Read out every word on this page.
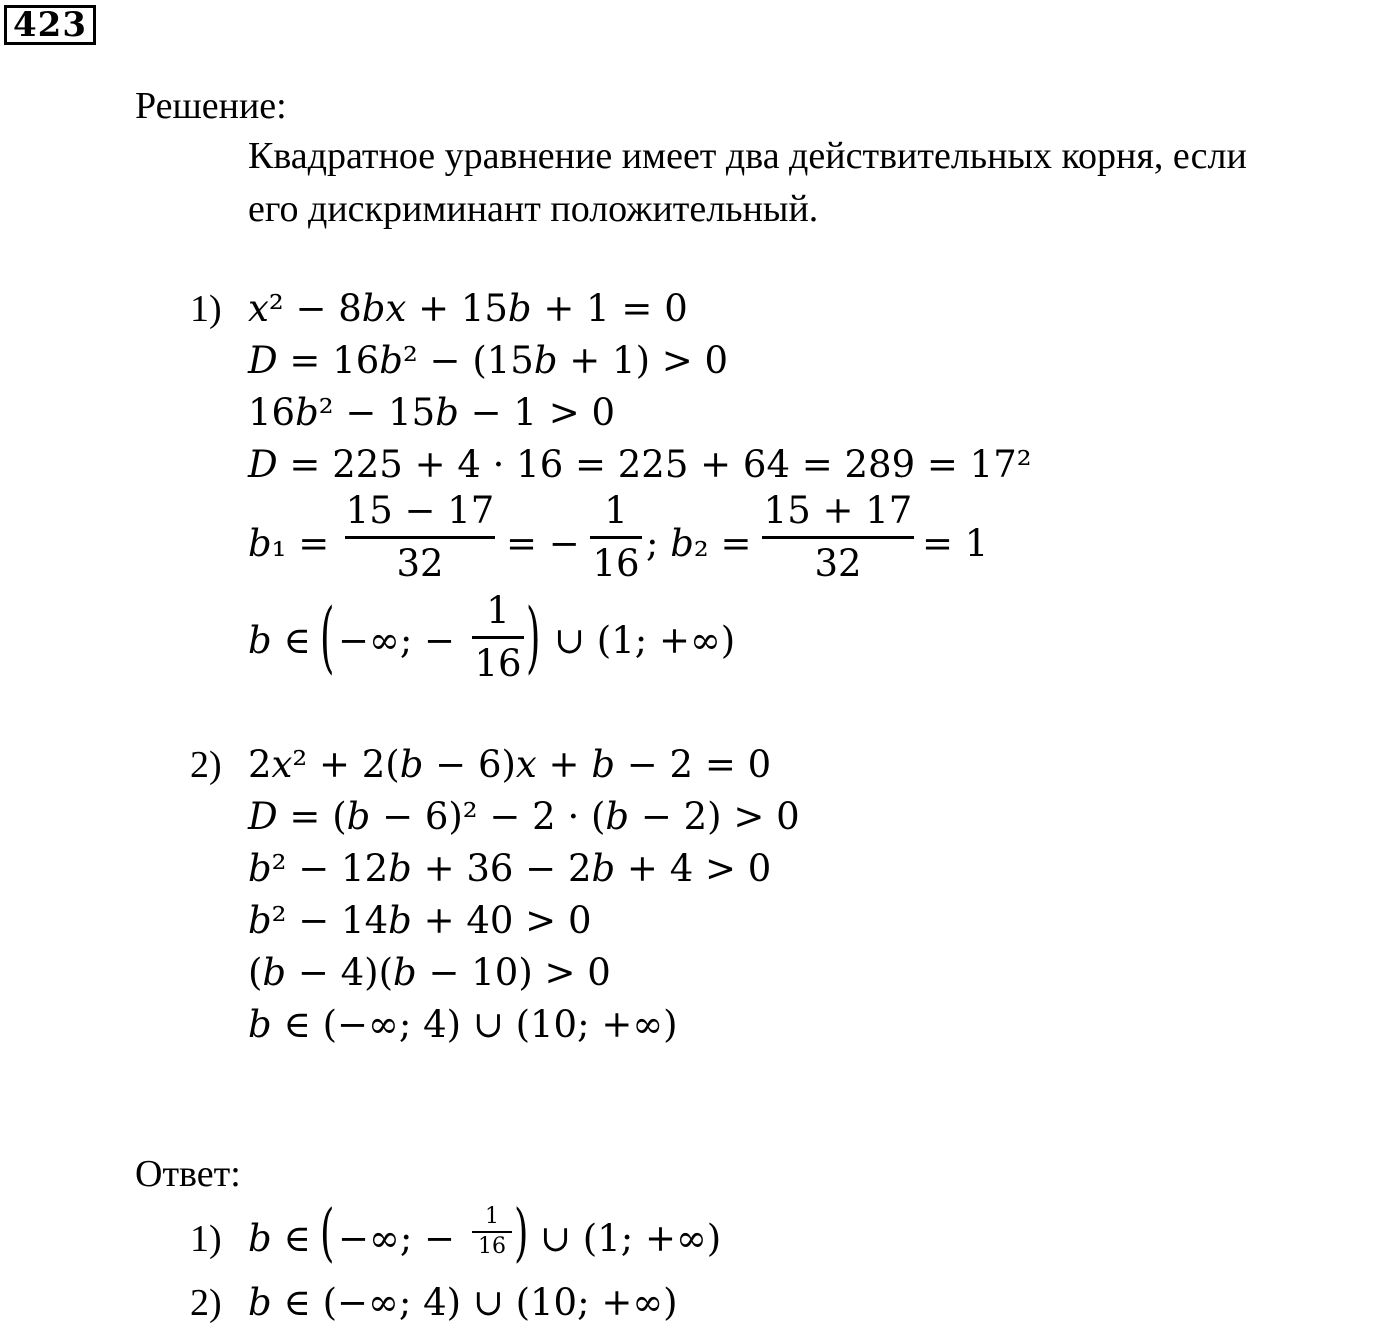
423
Решение:
Квадратное уравнение имеет два действительных корня, если
его дискриминант положительный.
1) 𝑥² − 8𝑏𝑥 + 15𝑏 + 1 = 0
𝐷 = 16𝑏² − (15𝑏 + 1) > 0
16𝑏² − 15𝑏 − 1 > 0
𝐷 = 225 + 4 · 16 = 225 + 64 = 289 = 17²
𝑏₁ =
15 − 17
32	= −
1
16 ; 𝑏₂ =
15 + 17
32	= 1
𝑏 ∈ ( −∞; −
1
16 ) ∪ (1; +∞)
2) 2𝑥² + 2(𝑏 − 6)𝑥 + 𝑏 − 2 = 0
𝐷 = (𝑏 − 6)² − 2 · (𝑏 − 2) > 0
𝑏² − 12𝑏 + 36 − 2𝑏 + 4 > 0
𝑏² − 14𝑏 + 40 > 0
(𝑏 − 4)(𝑏 − 10) > 0
𝑏 ∈ (−∞; 4) ∪ (10; +∞)
Ответ:
1) 𝑏 ∈ ( −∞; −
1
16 ) ∪ (1; +∞)
2) 𝑏 ∈ (−∞; 4) ∪ (10; +∞)
